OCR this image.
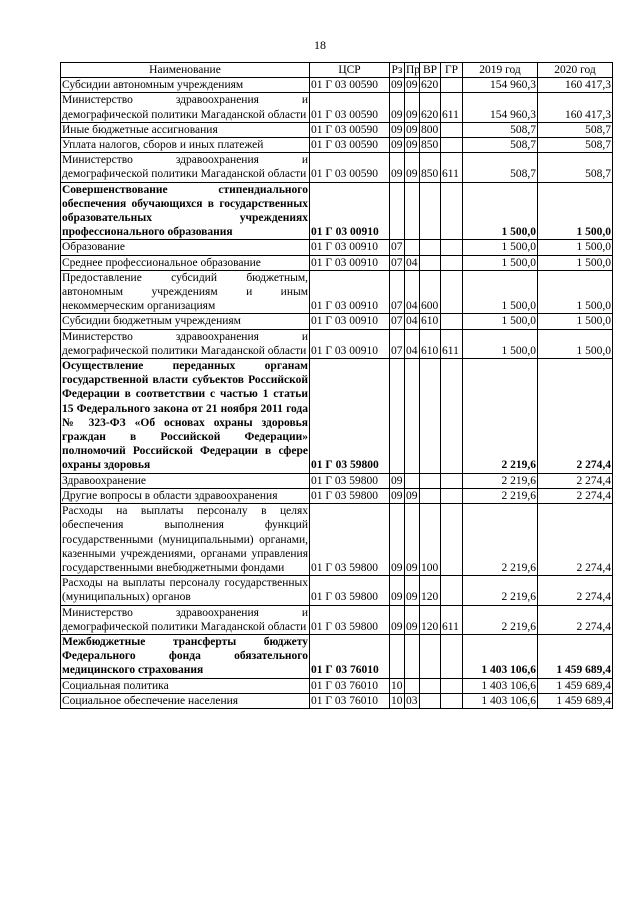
18
Наименование	ЦСР	Рз	Пр	ВР	ГР	2019 год	2020 год
Субсидии автономным учреждениям	01 Г 03 00590	09	09	620		154 960,3	160 417,3
Министерство здравоохранения и демографической политики Магаданской области	01 Г 03 00590	09	09	620	611	154 960,3	160 417,3
Иные бюджетные ассигнования	01 Г 03 00590	09	09	800		508,7	508,7
Уплата налогов, сборов и иных платежей	01 Г 03 00590	09	09	850		508,7	508,7
Министерство здравоохранения и демографической политики Магаданской области	01 Г 03 00590	09	09	850	611	508,7	508,7
Совершенствование стипендиального обеспечения обучающихся в государственных образовательных учреждениях профессионального образования	01 Г 03 00910					1 500,0	1 500,0
Образование	01 Г 03 00910	07				1 500,0	1 500,0
Среднее профессиональное образование	01 Г 03 00910	07	04			1 500,0	1 500,0
Предоставление субсидий бюджетным, автономным учреждениям и иным некоммерческим организациям	01 Г 03 00910	07	04	600		1 500,0	1 500,0
Субсидии бюджетным учреждениям	01 Г 03 00910	07	04	610		1 500,0	1 500,0
Министерство здравоохранения и демографической политики Магаданской области	01 Г 03 00910	07	04	610	611	1 500,0	1 500,0
Осуществление переданных органам государственной власти субъектов Российской Федерации в соответствии с частью 1 статьи 15 Федерального закона от 21 ноября 2011 года № 323-ФЗ «Об основах охраны здоровья граждан в Российской Федерации» полномочий Российской Федерации в сфере охраны здоровья	01 Г 03 59800					2 219,6	2 274,4
Здравоохранение	01 Г 03 59800	09				2 219,6	2 274,4
Другие вопросы в области здравоохранения	01 Г 03 59800	09	09			2 219,6	2 274,4
Расходы на выплаты персоналу в целях обеспечения выполнения функций государственными (муниципальными) органами, казенными учреждениями, органами управления государственными внебюджетными фондами	01 Г 03 59800	09	09	100		2 219,6	2 274,4
Расходы на выплаты персоналу государственных (муниципальных) органов	01 Г 03 59800	09	09	120		2 219,6	2 274,4
Министерство здравоохранения и демографической политики Магаданской области	01 Г 03 59800	09	09	120	611	2 219,6	2 274,4
Межбюджетные трансферты бюджету Федерального фонда обязательного медицинского страхования	01 Г 03 76010					1 403 106,6	1 459 689,4
Социальная политика	01 Г 03 76010	10				1 403 106,6	1 459 689,4
Социальное обеспечение населения	01 Г 03 76010	10	03			1 403 106,6	1 459 689,4
